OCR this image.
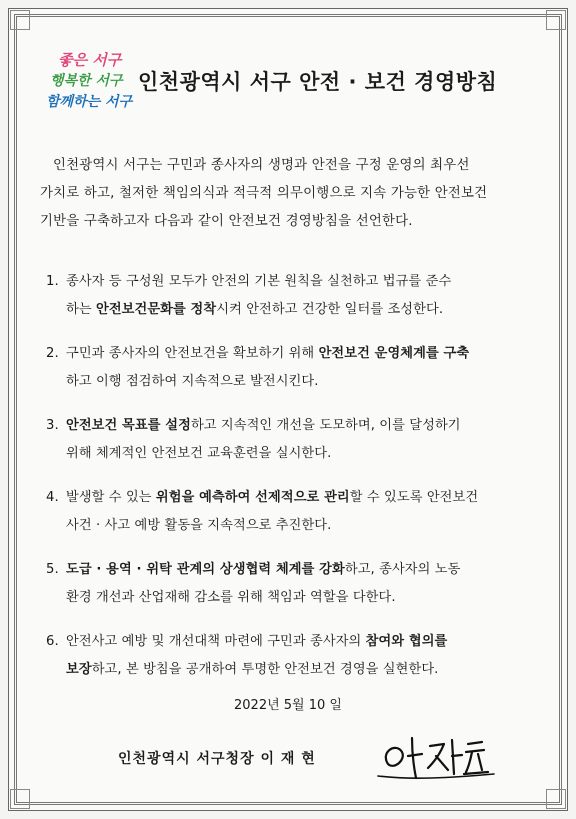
좋은 서구
행복한 서구
함께하는 서구
인천광역시 서구 안전 · 보건 경영방침
인천광역시 서구는 구민과 종사자의 생명과 안전을 구정 운영의 최우선
가치로 하고, 철저한 책임의식과 적극적 의무이행으로 지속 가능한 안전보건
기반을 구축하고자 다음과 같이 안전보건 경영방침을 선언한다.
1. 종사자 등 구성원 모두가 안전의 기본 원칙을 실천하고 법규를 준수
하는 안전보건문화를 정착시켜 안전하고 건강한 일터를 조성한다.
2. 구민과 종사자의 안전보건을 확보하기 위해 안전보건 운영체계를 구축
하고 이행 점검하여 지속적으로 발전시킨다.
3. 안전보건 목표를 설정하고 지속적인 개선을 도모하며, 이를 달성하기
위해 체계적인 안전보건 교육훈련을 실시한다.
4. 발생할 수 있는 위험을 예측하여 선제적으로 관리할 수 있도록 안전보건
사건 · 사고 예방 활동을 지속적으로 추진한다.
5. 도급 · 용역 · 위탁 관계의 상생협력 체계를 강화하고, 종사자의 노동
환경 개선과 산업재해 감소를 위해 책임과 역할을 다한다.
6. 안전사고 예방 및 개선대책 마련에 구민과 종사자의 참여와 협의를
보장하고, 본 방침을 공개하여 투명한 안전보건 경영을 실현한다.
2022년 5월 10 일
인천광역시 서구청장 이 재 현
